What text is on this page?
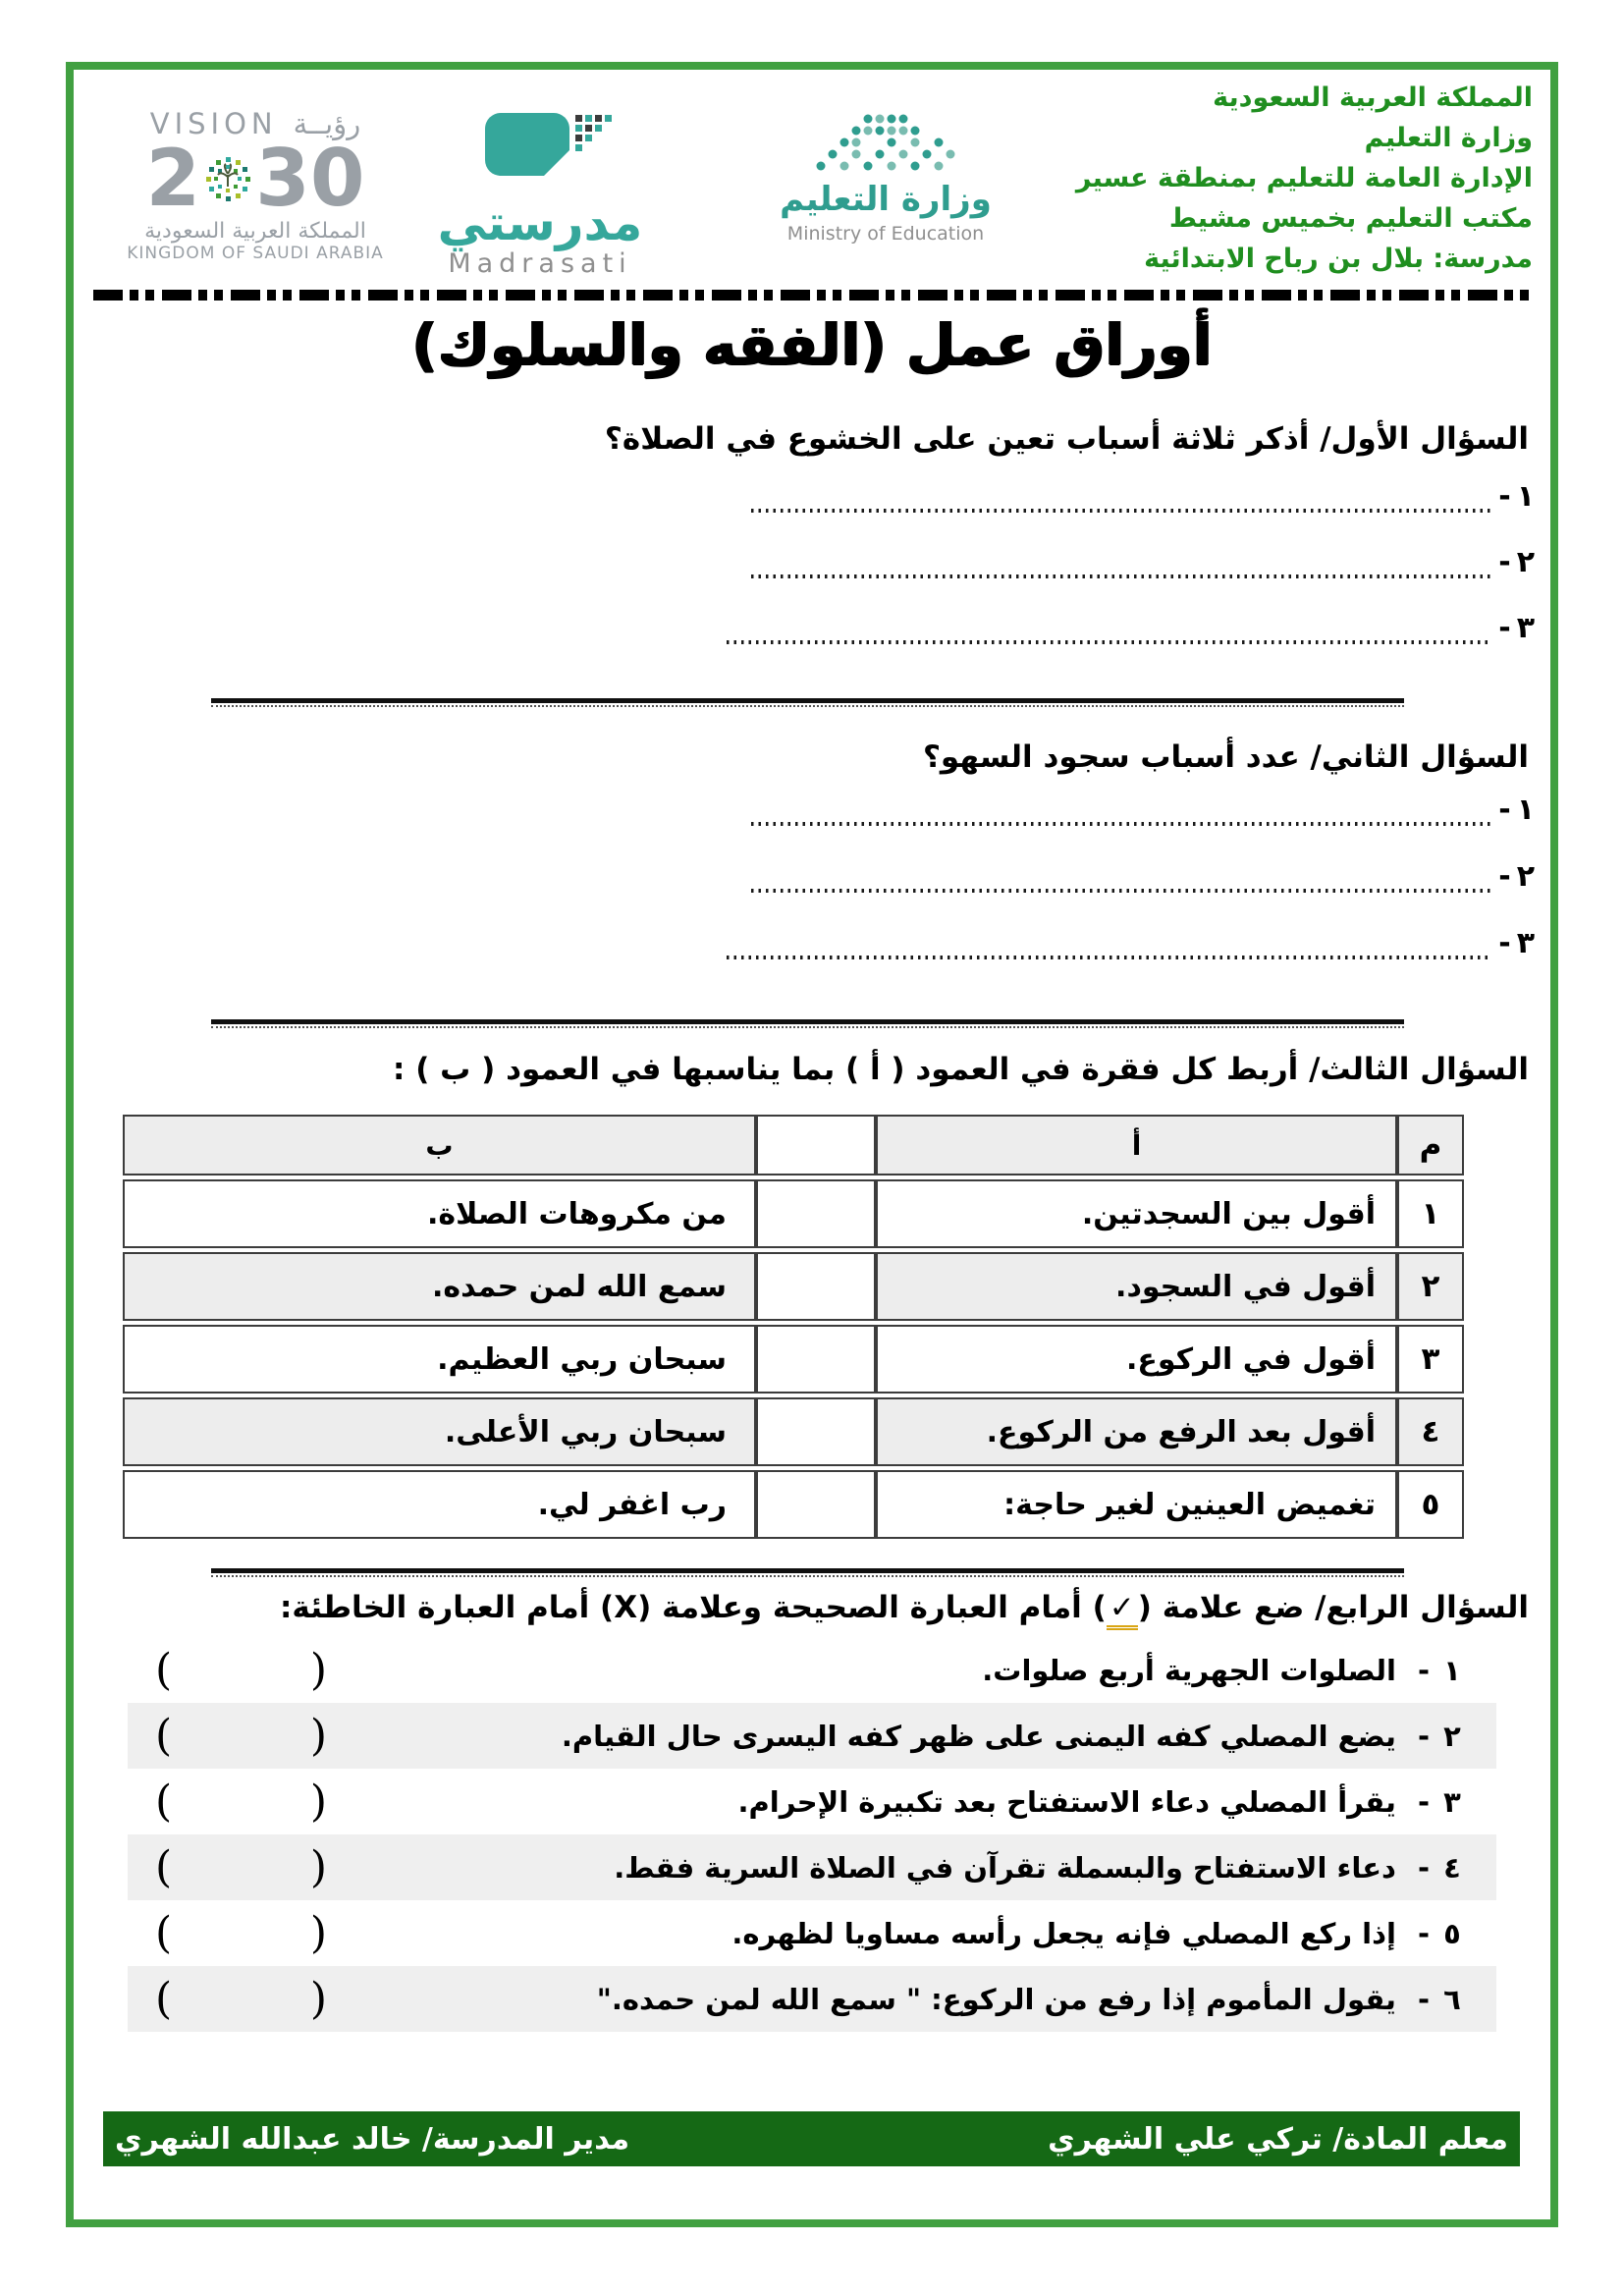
المملكة العربية السعودية
وزارة التعليم
الإدارة العامة للتعليم بمنطقة عسير
مكتب التعليم بخميس مشيط
مدرسة: بلال بن رباح الابتدائية
VISION رؤيــة
2 30
المملكة العربية السعودية
KINGDOM OF SAUDI ARABIA
مدرستي
Madrasati
وزارة التعليم
Ministry of Education
أوراق عمل (الفقه والسلوك)
السؤال الأول/ أذكر ثلاثة أسباب تعين على الخشوع في الصلاة؟
١
-
٢
-
٣
-
السؤال الثاني/ عدد أسباب سجود السهو؟
١
-
٢
-
٣
-
السؤال الثالث/ أربط كل فقرة في العمود ( أ ) بما يناسبها في العمود ( ب ) :
م	أ		ب
١	أقول بين السجدتين.		من مكروهات الصلاة.
٢	أقول في السجود.		سمع الله لمن حمده.
٣	أقول في الركوع.		سبحان ربي العظيم.
٤	أقول بعد الرفع من الركوع.		سبحان ربي الأعلى.
٥	تغميض العينين لغير حاجة:		رب اغفر لي.
السؤال الرابع/ ضع علامة (✓) أمام العبارة الصحيحة وعلامة (X) أمام العبارة الخاطئة:
١
-
الصلوات الجهرية أربع صلوات.
(	)
٢
-
يضع المصلي كفه اليمنى على ظهر كفه اليسرى حال القيام.
(	)
٣
-
يقرأ المصلي دعاء الاستفتاح بعد تكبيرة الإحرام.
(	)
٤
-
دعاء الاستفتاح والبسملة تقرآن في الصلاة السرية فقط.
(	)
٥
-
إذا ركع المصلي فإنه يجعل رأسه مساويا لظهره.
(	)
٦
-
يقول المأموم إذا رفع من الركوع: " سمع الله لمن حمده."
(	)
معلم المادة/ تركي علي الشهري
مدير المدرسة/ خالد عبدالله الشهري
